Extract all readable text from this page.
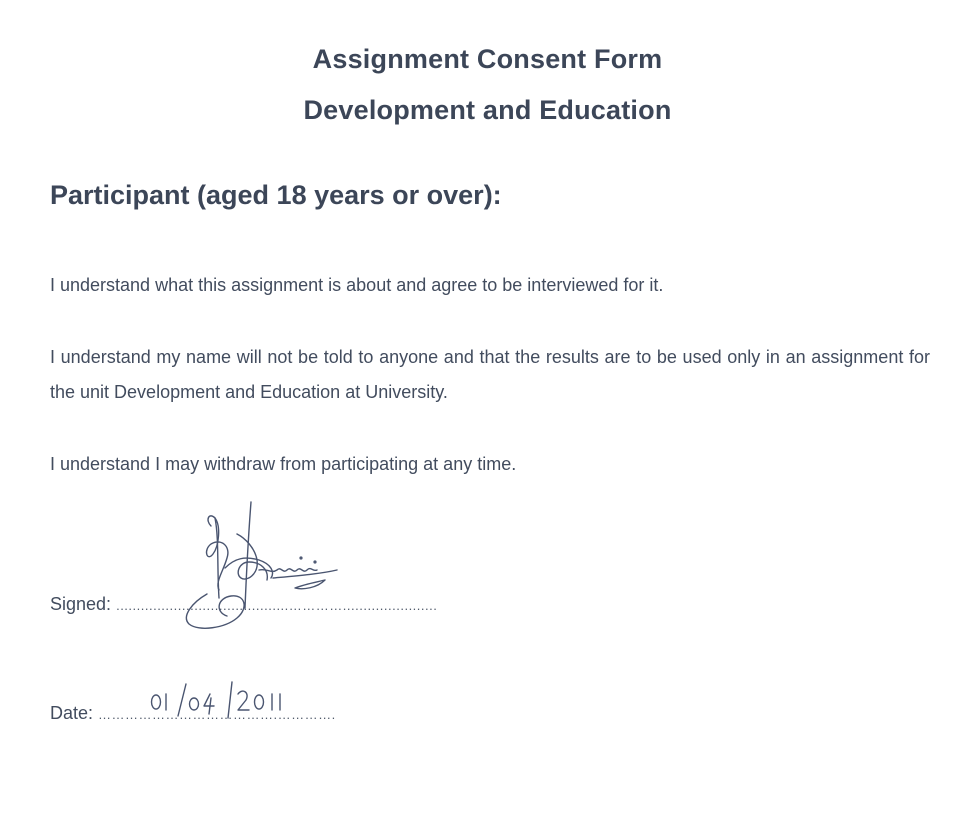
Assignment Consent Form
Development and Education
Participant (aged 18 years or over):
I understand what this assignment is about and agree to be interviewed for it.
I understand my name will not be told to anyone and that the results are to be used only in an assignment for the unit Development and Education at University.
I understand I may withdraw from participating at any time.
Signed: ..........................................………….......................
Date: ………………………………….………….
